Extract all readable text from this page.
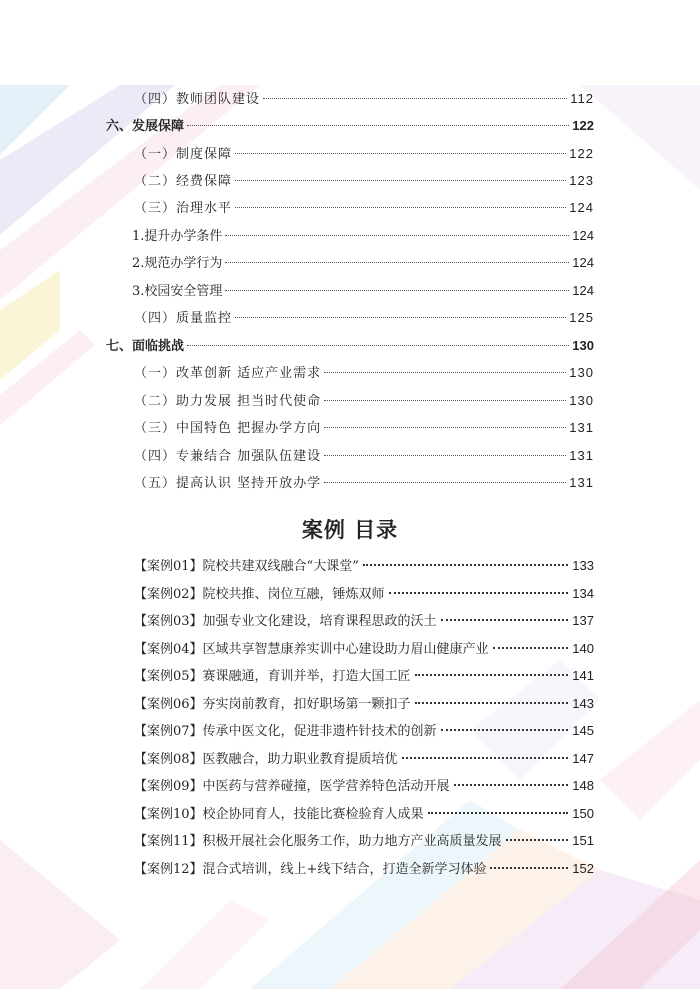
（四）教师团队建设	112
六、发展保障	122
（一）制度保障	122
（二）经费保障	123
（三）治理水平	124
1.提升办学条件	124
2.规范办学行为	124
3.校园安全管理	124
（四）质量监控	125
七、面临挑战	130
（一）改革创新 适应产业需求	130
（二）助力发展 担当时代使命	130
（三）中国特色 把握办学方向	131
（四）专兼结合 加强队伍建设	131
（五）提高认识 坚持开放办学	131
案例 目录
【案例01】院校共建双线融合“大课堂”	133
【案例02】院校共推、岗位互融，锤炼双师	134
【案例03】加强专业文化建设，培育课程思政的沃土	137
【案例04】区域共享智慧康养实训中心建设助力眉山健康产业	140
【案例05】赛课融通，育训并举，打造大国工匠	141
【案例06】夯实岗前教育，扣好职场第一颗扣子	143
【案例07】传承中医文化，促进非遗杵针技术的创新	145
【案例08】医教融合，助力职业教育提质培优	147
【案例09】中医药与营养碰撞，医学营养特色活动开展	148
【案例10】校企协同育人，技能比赛检验育人成果	150
【案例11】积极开展社会化服务工作，助力地方产业高质量发展	151
【案例12】混合式培训，线上+线下结合，打造全新学习体验	152
